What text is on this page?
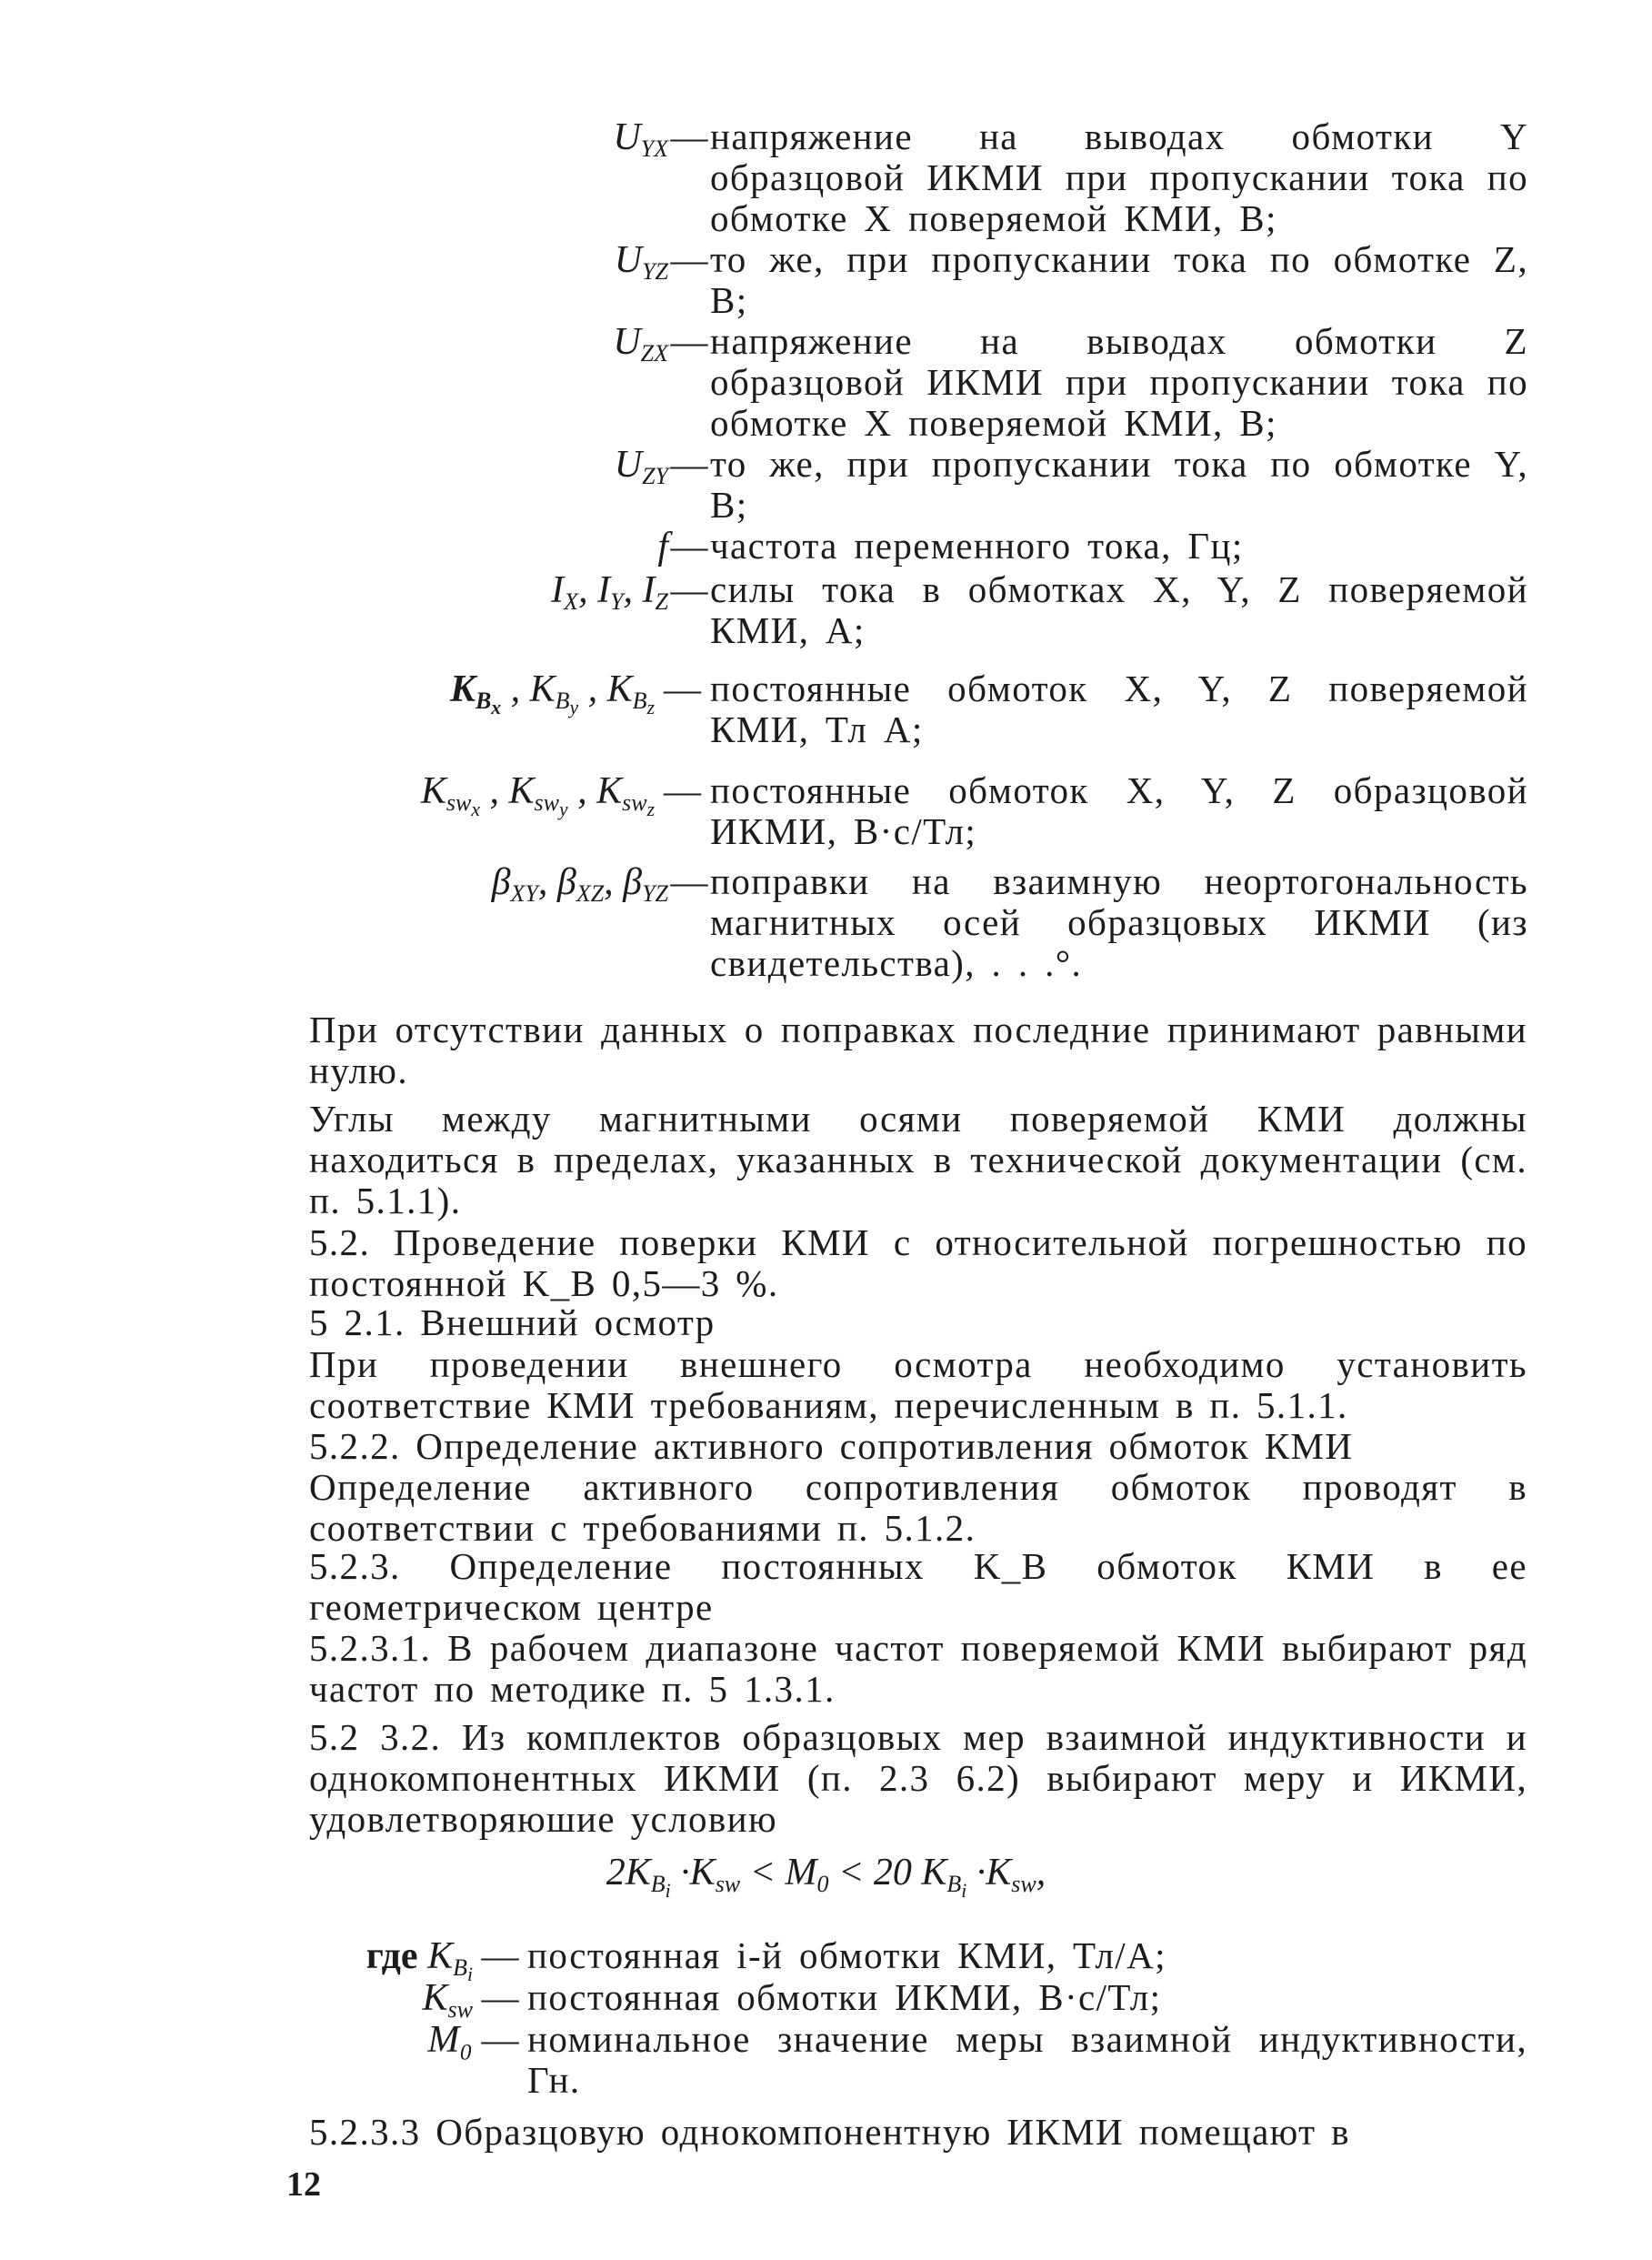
$U_{YX}$ — напряжение на выводах обмотки Y образцовой ИКМИ при пропускании тока по обмотке X поверяемой КМИ, В;
$U_{YZ}$ — то же, при пропускании тока по обмотке Z, В;
$U_{ZX}$ — напряжение на выводах обмотки Z образцовой ИКМИ при пропускании тока по обмотке X поверяемой КМИ, В;
$U_{ZY}$ — то же, при пропускании тока по обмотке Y, В;
f — частота переменного тока, Гц;
$I_X$, $I_Y$, $I_Z$ — силы тока в обмотках X, Y, Z поверяемой КМИ, А;
$K_{B_x}$ , $K_{B_y}$ , $K_{B_z}$ — постоянные обмоток X, Y, Z поверяемой КМИ, Тл А;
$K_{sw_x}$ , $K_{sw_y}$ , $K_{sw_z}$ — постоянные обмоток X, Y, Z образцовой ИКМИ, В·с/Тл;
$\beta_{XY}$, $\beta_{XZ}$, $\beta_{YZ}$ — поправки на взаимную неортогональность магнитных осей образцовых ИКМИ (из свидетельства), . . .°.
При отсутствии данных о поправках последние принимают равными нулю.
Углы между магнитными осями поверяемой КМИ должны находиться в пределах, указанных в технической документации (см. п. 5.1.1).
5.2. Проведение поверки КМИ с относительной погрешностью по постоянной K_B 0,5—3 %.
5 2.1. Внешний осмотр
При проведении внешнего осмотра необходимо установить соответствие КМИ требованиям, перечисленным в п. 5.1.1.
5.2.2. Определение активного сопротивления обмоток КМИ
Определение активного сопротивления обмоток проводят в соответствии с требованиями п. 5.1.2.
5.2.3. Определение постоянных K_B обмоток КМИ в ее геометрическом центре
5.2.3.1. В рабочем диапазоне частот поверяемой КМИ выбирают ряд частот по методике п. 5 1.3.1.
5.2 3.2. Из комплектов образцовых мер взаимной индуктивности и однокомпонентных ИКМИ (п. 2.3 6.2) выбирают меру и ИКМИ, удовлетворяюшие условию
$2K_{B_i} \cdot K_{sw} < M_0 < 20$ $K_{B_i} \cdot K_{sw}$,
где $K_{B_i}$ — постоянная i-й обмотки КМИ, Тл/А;
$K_{sw}$ — постоянная обмотки ИКМИ, В·с/Тл;
M₀ — номинальное значение меры взаимной индуктивности, Гн.
5.2.3.3 Образцовую однокомпонентную ИКМИ помещают в
12
